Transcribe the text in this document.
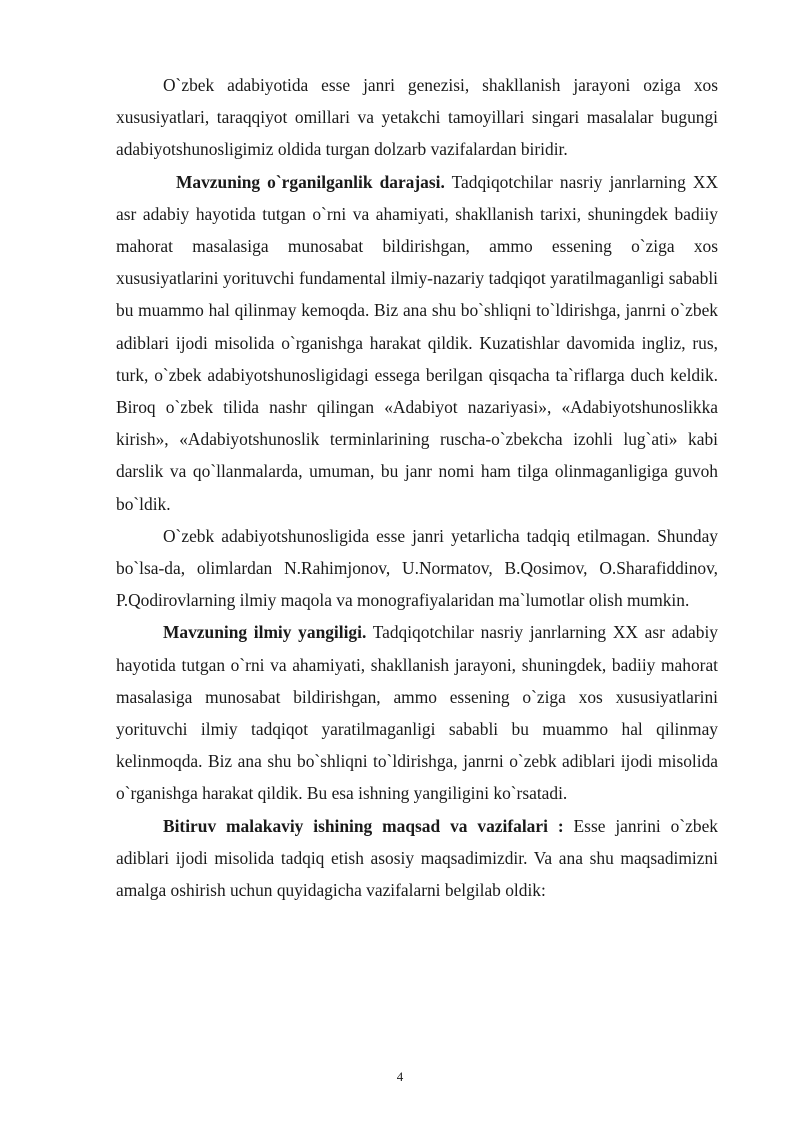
O`zbek adabiyotida esse janri genezisi, shakllanish jarayoni oziga xos xususiyatlari, taraqqiyot omillari va yetakchi tamoyillari singari masalalar bugungi adabiyotshunosligimiz oldida turgan dolzarb vazifalardan biridir.

Mavzuning o`rganilganlik darajasi. Tadqiqotchilar nasriy janrlarning XX asr adabiy hayotida tutgan o`rni va ahamiyati, shakllanish tarixi, shuningdek badiiy mahorat masalasiga munosabat bildirishgan, ammo essening o`ziga xos xususiyatlarini yorituvchi fundamental ilmiy-nazariy tadqiqot yaratilmaganligi sababli bu muammo hal qilinmay kemoqda. Biz ana shu bo`shliqni to`ldirishga, janrni o`zbek adiblari ijodi misolida o`rganishga harakat qildik. Kuzatishlar davomida ingliz, rus, turk, o`zbek adabiyotshunosligidagi essega berilgan qisqacha ta`riflarga duch keldik. Biroq o`zbek tilida nashr qilingan «Adabiyot nazariyasi», «Adabiyotshunoslikka kirish», «Adabiyotshunoslik terminlarining ruscha-o`zbekcha izohli lug`ati» kabi darslik va qo`llanmalarda, umuman, bu janr nomi ham tilga olinmaganligiga guvoh bo`ldik.

O`zebk adabiyotshunosligida esse janri yetarlicha tadqiq etilmagan. Shunday bo`lsa-da, olimlardan N.Rahimjonov, U.Normatov, B.Qosimov, O.Sharafiddinov, P.Qodirovlarning ilmiy maqola va monografiyalaridan ma`lumotlar olish mumkin.

Mavzuning ilmiy yangiligi. Tadqiqotchilar nasriy janrlarning XX asr adabiy hayotida tutgan o`rni va ahamiyati, shakllanish jarayoni, shuningdek, badiiy mahorat masalasiga munosabat bildirishgan, ammo essening o`ziga xos xususiyatlarini yorituvchi ilmiy tadqiqot yaratilmaganligi sababli bu muammo hal qilinmay kelinmoqda. Biz ana shu bo`shliqni to`ldirishga, janrni o`zebk adiblari ijodi misolida o`rganishga harakat qildik. Bu esa ishning yangiligini ko`rsatadi.

Bitiruv malakaviy ishining maqsad va vazifalari : Esse janrini o`zbek adiblari ijodi misolida tadqiq etish asosiy maqsadimizdir. Va ana shu maqsadimizni amalga oshirish uchun quyidagicha vazifalarni belgilab oldik:

4
